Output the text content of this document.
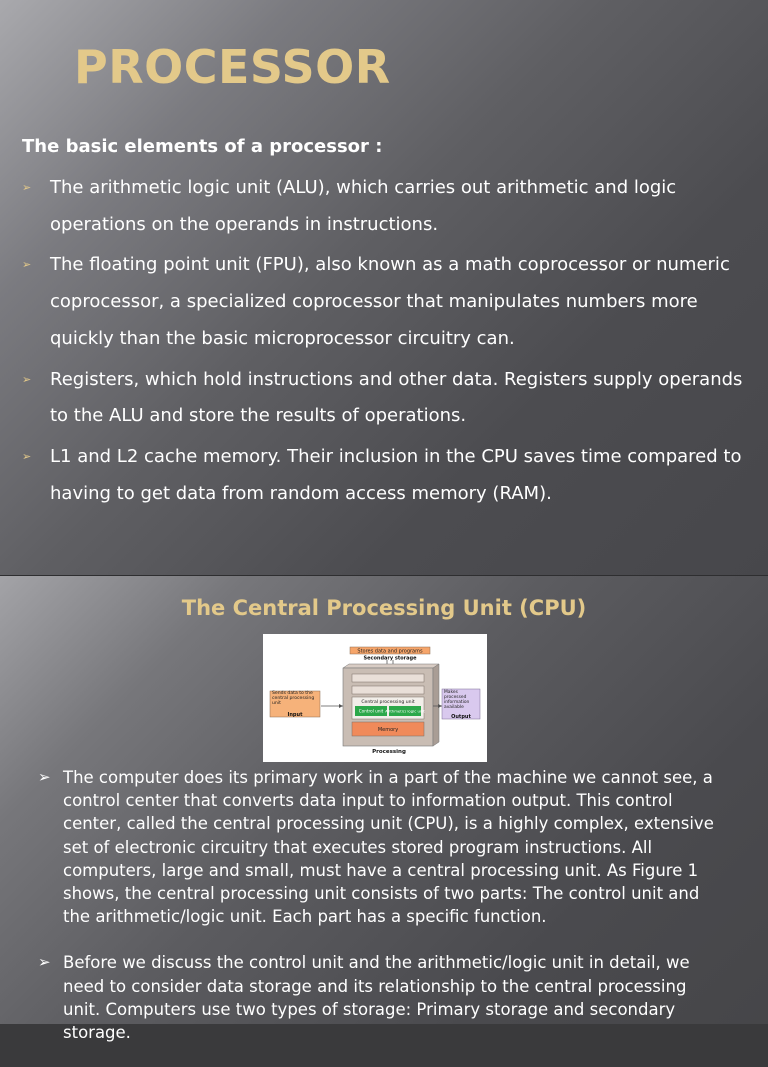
PROCESSOR
The basic elements of a processor :
➢ The arithmetic logic unit (ALU), which carries out arithmetic and logic operations on the operands in instructions.
➢ The floating point unit (FPU), also known as a math coprocessor or numeric coprocessor, a specialized coprocessor that manipulates numbers more quickly than the basic microprocessor circuitry can.
➢ Registers, which hold instructions and other data. Registers supply operands to the ALU and store the results of operations.
➢ L1 and L2 cache memory. Their inclusion in the CPU saves time compared to having to get data from random access memory (RAM).
The Central Processing Unit (CPU)
Stores data and programs
Secondary storage
Central processing unit
Control unit Arithmetic/ logic unit
Memory
Processing
Sends data to the central processing unit
Input
Makes processed information available
Output
➢ The computer does its primary work in a part of the machine we cannot see, a control center that converts data input to information output. This control center, called the central processing unit (CPU), is a highly complex, extensive set of electronic circuitry that executes stored program instructions. All computers, large and small, must have a central processing unit. As Figure 1 shows, the central processing unit consists of two parts: The control unit and the arithmetic/logic unit. Each part has a specific function.
➢ Before we discuss the control unit and the arithmetic/logic unit in detail, we need to consider data storage and its relationship to the central processing unit. Computers use two types of storage: Primary storage and secondary storage.
